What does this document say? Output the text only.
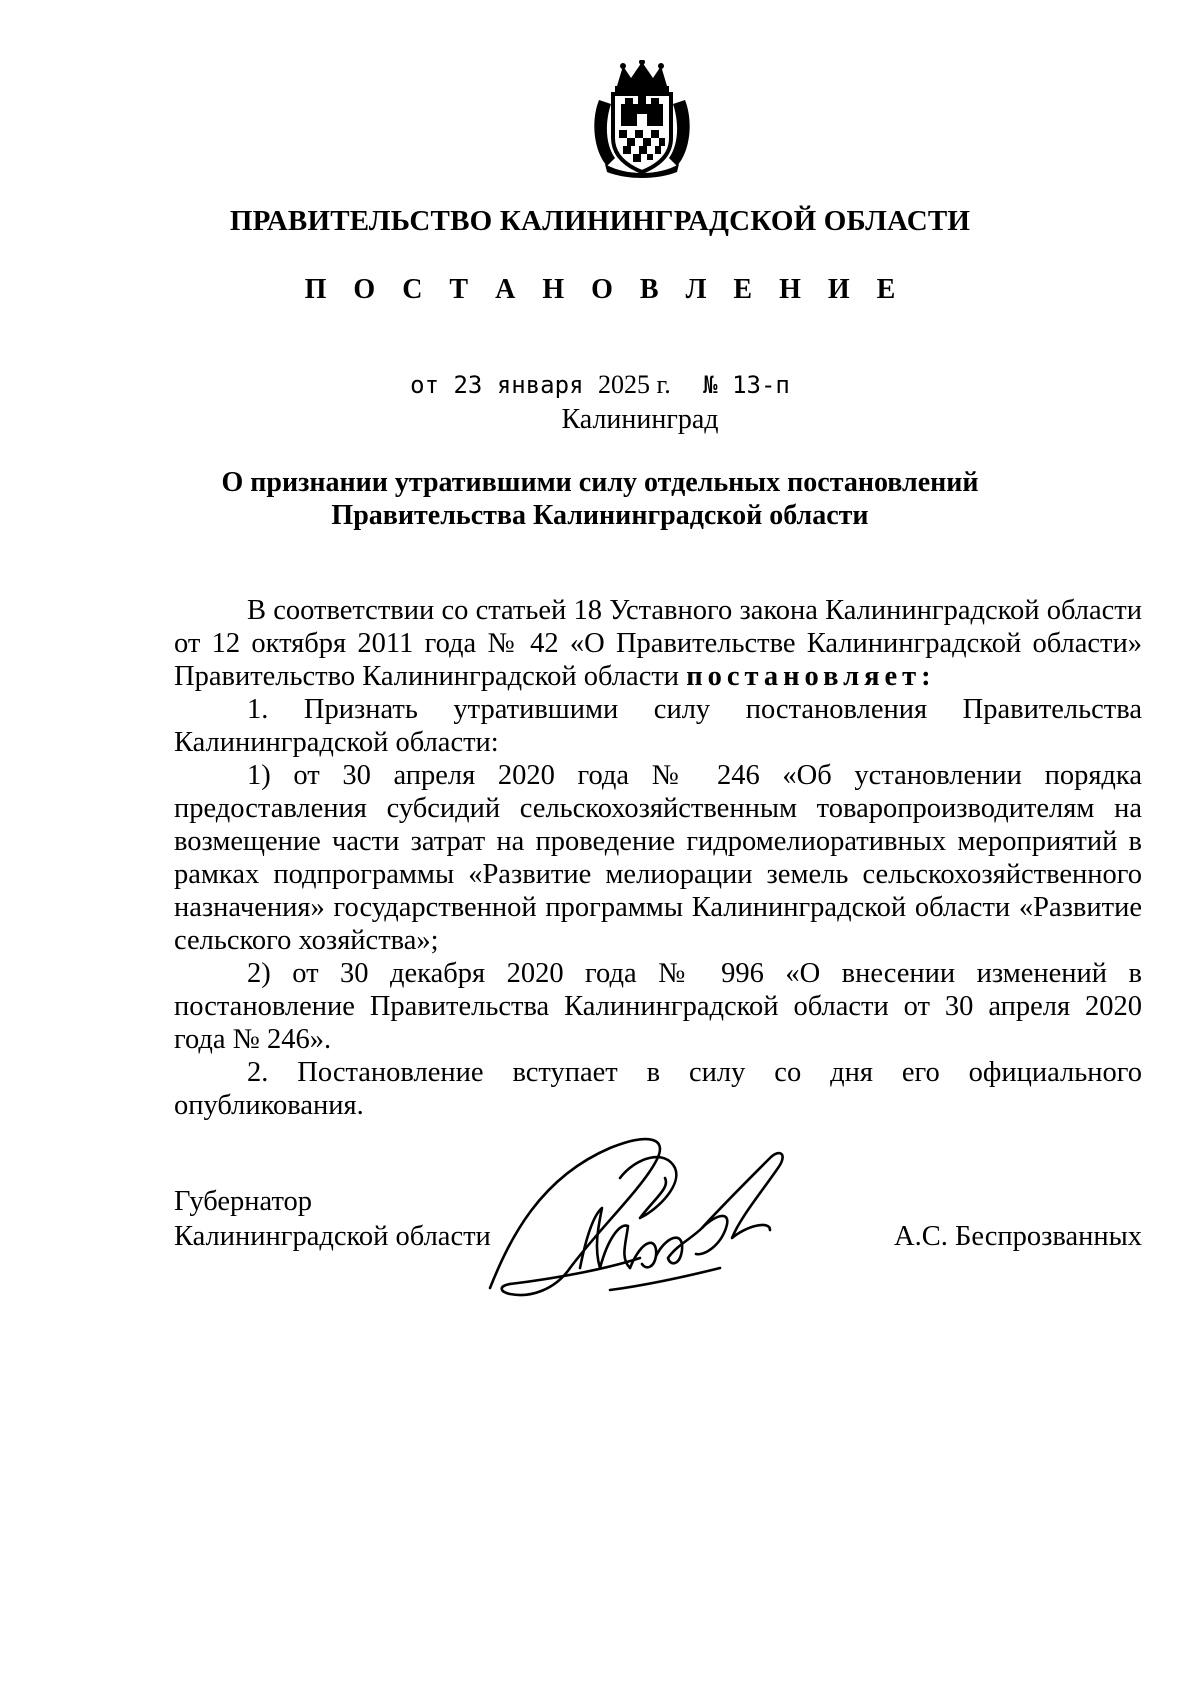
ПРАВИТЕЛЬСТВО КАЛИНИНГРАДСКОЙ ОБЛАСТИ
П О С Т А Н О В Л Е Н И Е
от 23 января 2025 г. № 13-п
Калининград
О признании утратившими силу отдельных постановлений
Правительства Калининградской области

В соответствии со статьей 18 Уставного закона Калининградской области от 12 октября 2011 года № 42 «О Правительстве Калининградской области» Правительство Калининградской области постановляет:

1. Признать утратившими силу постановления Правительства Калининградской области:

1) от 30 апреля 2020 года № 246 «Об установлении порядка предоставления субсидий сельскохозяйственным товаропроизводителям на возмещение части затрат на проведение гидромелиоративных мероприятий в рамках подпрограммы «Развитие мелиорации земель сельскохозяйственного назначения» государственной программы Калининградской области «Развитие сельского хозяйства»;

2) от 30 декабря 2020 года № 996 «О внесении изменений в постановление Правительства Калининградской области от 30 апреля 2020 года № 246».

2. Постановление вступает в силу со дня его официального опубликования.

Губернатор
Калининградской области	А.С. Беспрозванных
